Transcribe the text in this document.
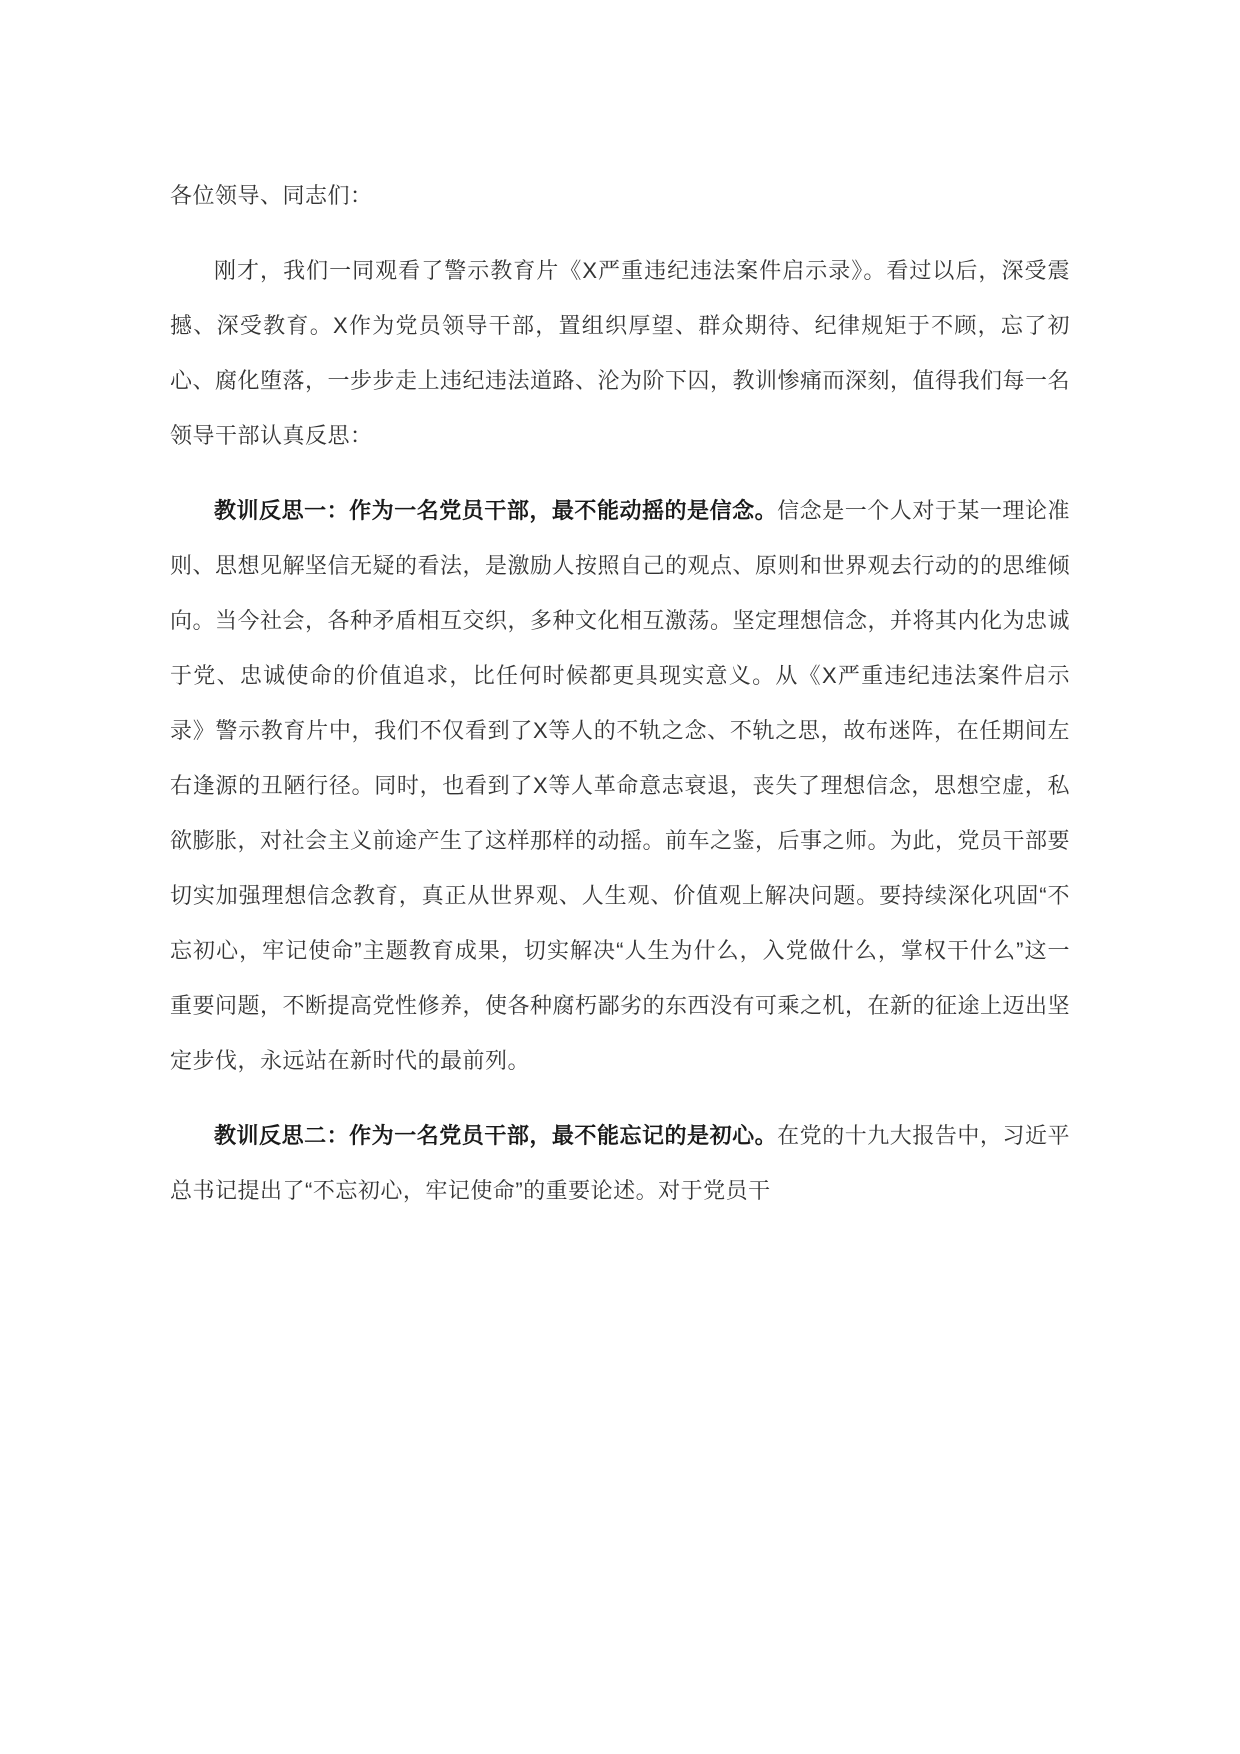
各位领导、同志们：

刚才，我们一同观看了警示教育片《X严重违纪违法案件启示录》。看过以后，深受震撼、深受教育。X作为党员领导干部，置组织厚望、群众期待、纪律规矩于不顾，忘了初心、腐化堕落，一步步走上违纪违法道路、沦为阶下囚，教训惨痛而深刻，值得我们每一名领导干部认真反思：

教训反思一：作为一名党员干部，最不能动摇的是信念。信念是一个人对于某一理论准则、思想见解坚信无疑的看法，是激励人按照自己的观点、原则和世界观去行动的的思维倾向。当今社会，各种矛盾相互交织，多种文化相互激荡。坚定理想信念，并将其内化为忠诚于党、忠诚使命的价值追求，比任何时候都更具现实意义。从《X严重违纪违法案件启示录》警示教育片中，我们不仅看到了X等人的不轨之念、不轨之思，故布迷阵，在任期间左右逢源的丑陋行径。同时，也看到了X等人革命意志衰退，丧失了理想信念，思想空虚，私欲膨胀，对社会主义前途产生了这样那样的动摇。前车之鉴，后事之师。为此，党员干部要切实加强理想信念教育，真正从世界观、人生观、价值观上解决问题。要持续深化巩固“不忘初心，牢记使命”主题教育成果，切实解决“人生为什么，入党做什么，掌权干什么”这一重要问题，不断提高党性修养，使各种腐朽鄙劣的东西没有可乘之机，在新的征途上迈出坚定步伐，永远站在新时代的最前列。

教训反思二：作为一名党员干部，最不能忘记的是初心。在党的十九大报告中，习近平总书记提出了“不忘初心，牢记使命”的重要论述。对于党员干
